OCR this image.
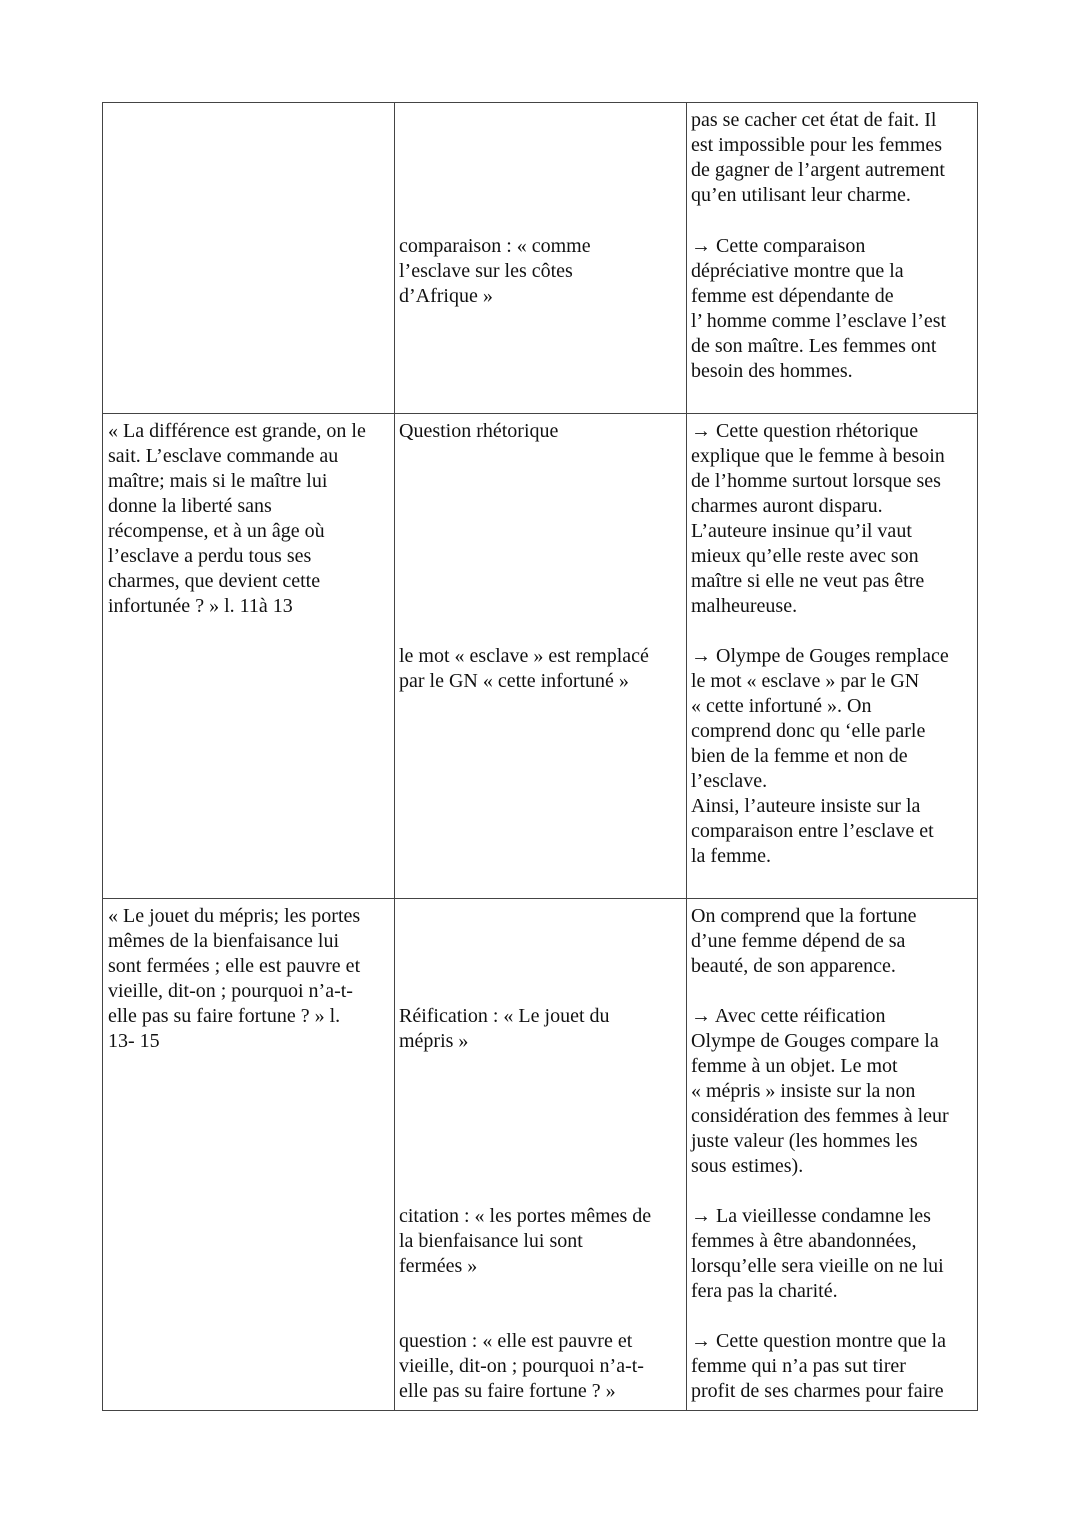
pas se cacher cet état de fait. Il
est impossible pour les femmes
de gagner de l’argent autrement
qu’en utilisant leur charme.

comparaison : « comme
l’esclave sur les côtes
d’Afrique »

→ Cette comparaison
dépréciative montre que la
femme est dépendante de
l’ homme comme l’esclave l’est
de son maître. Les femmes ont
besoin des hommes.

« La différence est grande, on le
sait. L’esclave commande au
maître; mais si le maître lui
donne la liberté sans
récompense, et à un âge où
l’esclave a perdu tous ses
charmes, que devient cette
infortunée ? » l. 11à 13

Question rhétorique	→ Cette question rhétorique
explique que le femme à besoin
de l’homme surtout lorsque ses
charmes auront disparu.
L’auteure insinue qu’il vaut
mieux qu’elle reste avec son
maître si elle ne veut pas être
malheureuse.

le mot « esclave » est remplacé
par le GN « cette infortuné »

→ Olympe de Gouges remplace
le mot « esclave » par le GN
« cette infortuné ». On
comprend donc qu ‘elle parle
bien de la femme et non de
l’esclave.
Ainsi, l’auteure insiste sur la
comparaison entre l’esclave et
la femme.

« Le jouet du mépris; les portes
mêmes de la bienfaisance lui
sont fermées ; elle est pauvre et
vieille, dit-on ; pourquoi n’a-t-
elle pas su faire fortune ? » l.
13- 15

On comprend que la fortune
d’une femme dépend de sa
beauté, de son apparence.

Réification : « Le jouet du
mépris »

→ Avec cette réification
Olympe de Gouges compare la
femme à un objet. Le mot
« mépris » insiste sur la non
considération des femmes à leur
juste valeur (les hommes les
sous estimes).

citation : « les portes mêmes de
la bienfaisance lui sont
fermées »

→ La vieillesse condamne les
femmes à être abandonnées,
lorsqu’elle sera vieille on ne lui
fera pas la charité.

question : « elle est pauvre et
vieille, dit-on ; pourquoi n’a-t-
elle pas su faire fortune ? »

→ Cette question montre que la
femme qui n’a pas sut tirer
profit de ses charmes pour faire
